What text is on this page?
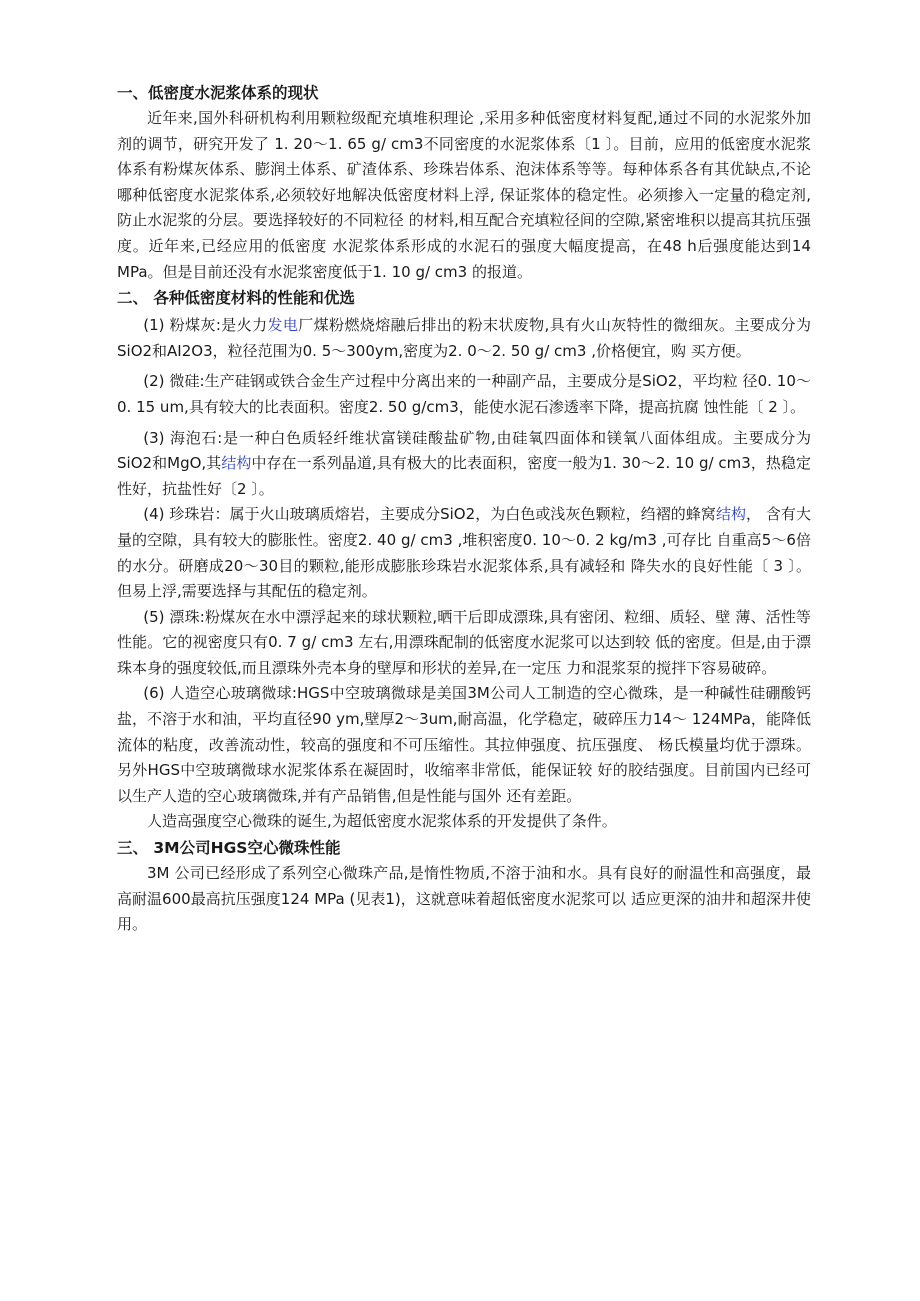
一、低密度水泥浆体系的现状

近年来,国外科研机构利用颗粒级配充填堆积理论 ,采用多种低密度材料复配,通过不同的水泥浆外加剂的调节，研究开发了 1. 20～1. 65 g/ cm3不同密度的水泥浆体系〔1 〕。目前，应用的低密度水泥浆体系有粉煤灰体系、膨润土体系、矿渣体系、珍珠岩体系、泡沫体系等等。每种体系各有其优缺点,不论哪种低密度水泥浆体系,必须较好地解决低密度材料上浮, 保证浆体的稳定性。必须掺入一定量的稳定剂,防止水泥浆的分层。要选择较好的不同粒径 的材料,相互配合充填粒径间的空隙,紧密堆积以提高其抗压强度。近年来,已经应用的低密度 水泥浆体系形成的水泥石的强度大幅度提高，在48 h后强度能达到14 MPa。但是目前还没有水泥浆密度低于1. 10 g/ cm3 的报道。

二、 各种低密度材料的性能和优选

(1) 粉煤灰:是火力发电厂煤粉燃烧熔融后排出的粉末状废物,具有火山灰特性的微细灰。主要成分为SiO2和AI2O3，粒径范围为0. 5～300ym,密度为2. 0～2. 50 g/ cm3 ,价格便宜，购 买方便。

(2) 微硅:生产硅钢或铁合金生产过程中分离出来的一种副产品，主要成分是SiO2，平均粒 径0. 10～0. 15 um,具有较大的比表面积。密度2. 50 g/cm3，能使水泥石渗透率下降，提高抗腐 蚀性能〔 2 〕。

(3) 海泡石:是一种白色质轻纤维状富镁硅酸盐矿物,由硅氧四面体和镁氧八面体组成。主要成分为SiO2和MgO,其结构中存在一系列晶道,具有极大的比表面积，密度一般为1. 30～2. 10 g/ cm3，热稳定性好，抗盐性好〔2 〕。

(4) 珍珠岩：属于火山玻璃质熔岩，主要成分SiO2，为白色或浅灰色颗粒，绉褶的蜂窝结构， 含有大量的空隙，具有较大的膨胀性。密度2. 40 g/ cm3 ,堆积密度0. 10～0. 2 kg/m3 ,可存比 自重高5～6倍的水分。研磨成20～30目的颗粒,能形成膨胀珍珠岩水泥浆体系,具有减轻和 降失水的良好性能〔 3 〕。但易上浮,需要选择与其配伍的稳定剂。

(5) 漂珠:粉煤灰在水中漂浮起来的球状颗粒,晒干后即成漂珠,具有密闭、粒细、质轻、壁 薄、活性等性能。它的视密度只有0. 7 g/ cm3 左右,用漂珠配制的低密度水泥浆可以达到较 低的密度。但是,由于漂珠本身的强度较低,而且漂珠外壳本身的壁厚和形状的差异,在一定压 力和混浆泵的搅拌下容易破碎。

(6) 人造空心玻璃微球:HGS中空玻璃微球是美国3M公司人工制造的空心微珠，是一种碱性硅硼酸钙盐，不溶于水和油，平均直径90 ym,壁厚2～3um,耐高温，化学稳定，破碎压力14～ 124MPa，能降低流体的粘度，改善流动性，较高的强度和不可压缩性。其拉伸强度、抗压强度、 杨氏模量均优于漂珠。另外HGS中空玻璃微球水泥浆体系在凝固时，收缩率非常低，能保证较 好的胶结强度。目前国内已经可以生产人造的空心玻璃微珠,并有产品销售,但是性能与国外 还有差距。

人造高强度空心微珠的诞生,为超低密度水泥浆体系的开发提供了条件。

三、 3M公司HGS空心微珠性能

3M 公司已经形成了系列空心微珠产品,是惰性物质,不溶于油和水。具有良好的耐温性和高强度，最高耐温600最高抗压强度124 MPa (见表1)，这就意味着超低密度水泥浆可以 适应更深的油井和超深井使用。
